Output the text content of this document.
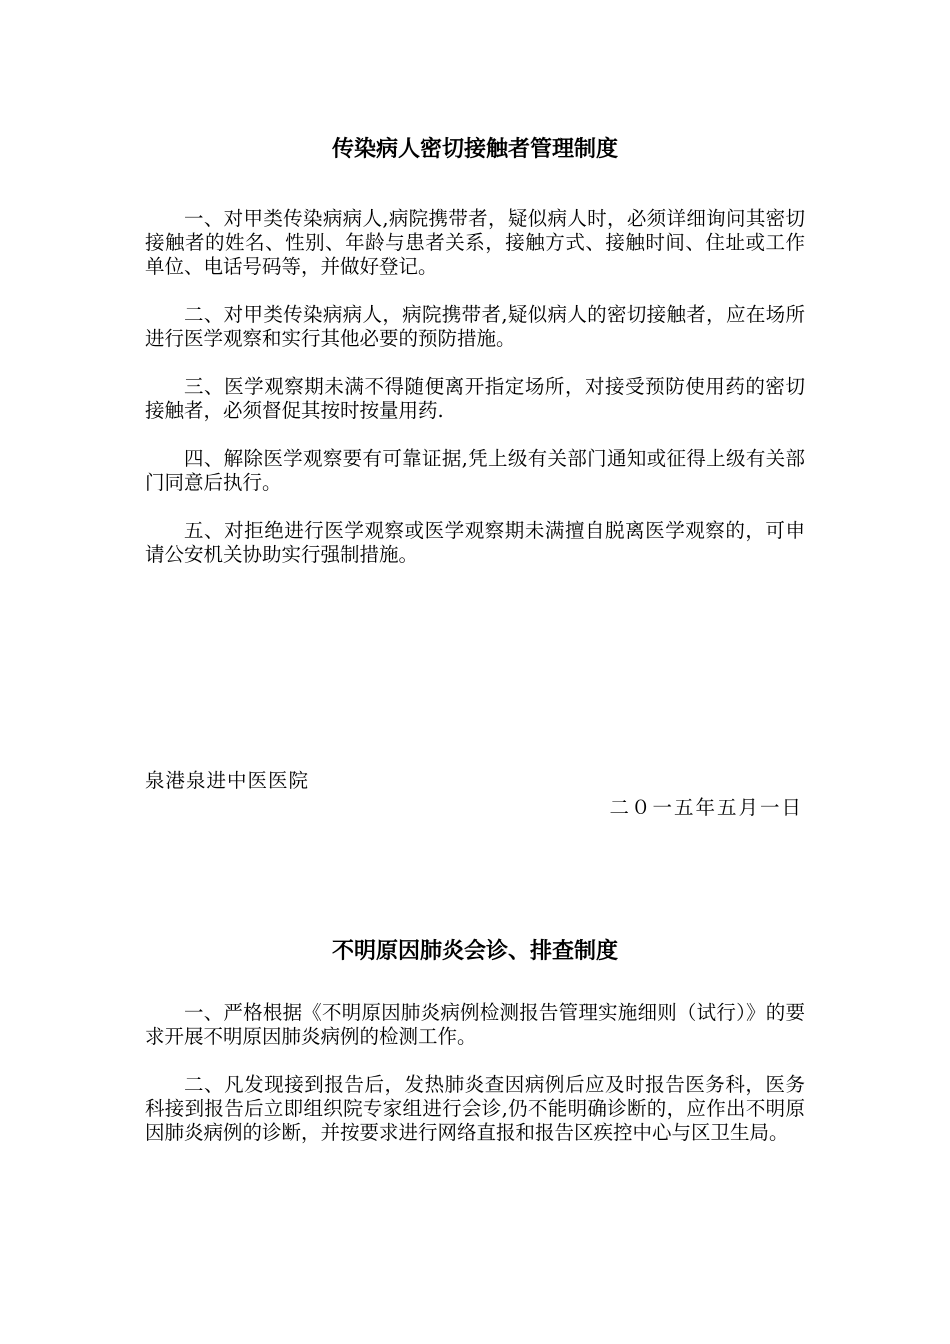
传染病人密切接触者管理制度

一、对甲类传染病病人,病院携带者，疑似病人时，必须详细询问其密切接触者的姓名、性别、年龄与患者关系，接触方式、接触时间、住址或工作单位、电话号码等，并做好登记。

二、对甲类传染病病人，病院携带者,疑似病人的密切接触者，应在场所进行医学观察和实行其他必要的预防措施。

三、医学观察期未满不得随便离开指定场所，对接受预防使用药的密切接触者，必须督促其按时按量用药.

四、解除医学观察要有可靠证据,凭上级有关部门通知或征得上级有关部门同意后执行。

五、对拒绝进行医学观察或医学观察期未满擅自脱离医学观察的，可申请公安机关协助实行强制措施。

泉港泉进中医医院

二０一五年五月一日

不明原因肺炎会诊、排查制度

一、严格根据《不明原因肺炎病例检测报告管理实施细则（试行）》的要求开展不明原因肺炎病例的检测工作。

二、凡发现接到报告后，发热肺炎查因病例后应及时报告医务科，医务科接到报告后立即组织院专家组进行会诊,仍不能明确诊断的，应作出不明原因肺炎病例的诊断，并按要求进行网络直报和报告区疾控中心与区卫生局。
